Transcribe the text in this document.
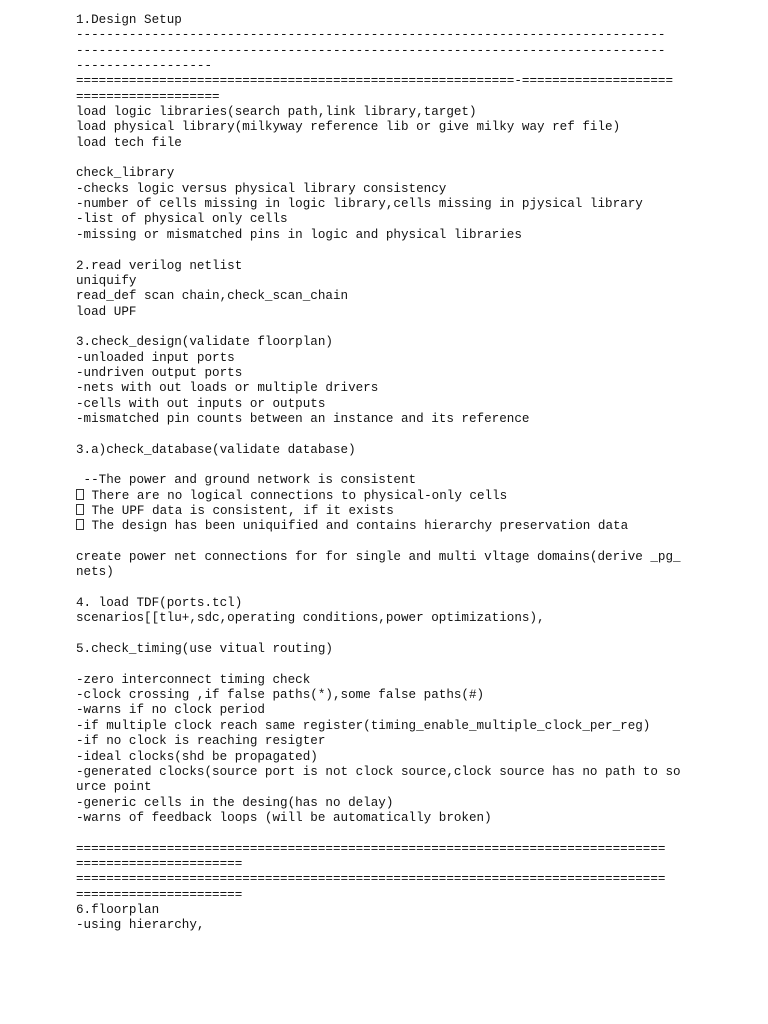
1.Design Setup
------------------------------------------------------------------------------
------------------------------------------------------------------------------
------------------
==========================================================-====================
===================
load logic libraries(search path,link library,target)
load physical library(milkyway reference lib or give milky way ref file)
load tech file
check_library
-checks logic versus physical library consistency
-number of cells missing in logic library,cells missing in pjysical library
-list of physical only cells
-missing or mismatched pins in logic and physical libraries
2.read verilog netlist
uniquify
read_def scan chain,check_scan_chain
load UPF
3.check_design(validate floorplan)
-unloaded input ports
-undriven output ports
-nets with out loads or multiple drivers
-cells with out inputs or outputs
-mismatched pin counts between an instance and its reference
3.a)check_database(validate database)
--The power and ground network is consistent
There are no logical connections to physical-only cells
The UPF data is consistent, if it exists
The design has been uniquified and contains hierarchy preservation data
create power net connections for for single and multi vltage domains(derive _pg_
nets)
4. load TDF(ports.tcl)
scenarios[[tlu+,sdc,operating conditions,power optimizations),
5.check_timing(use vitual routing)
-zero interconnect timing check
-clock crossing ,if false paths(*),some false paths(#)
-warns if no clock period
-if multiple clock reach same register(timing_enable_multiple_clock_per_reg)
-if no clock is reaching resigter
-ideal clocks(shd be propagated)
-generated clocks(source port is not clock source,clock source has no path to so
urce point
-generic cells in the desing(has no delay)
-warns of feedback loops (will be automatically broken)
==============================================================================
======================
==============================================================================
======================
6.floorplan
-using hierarchy,
